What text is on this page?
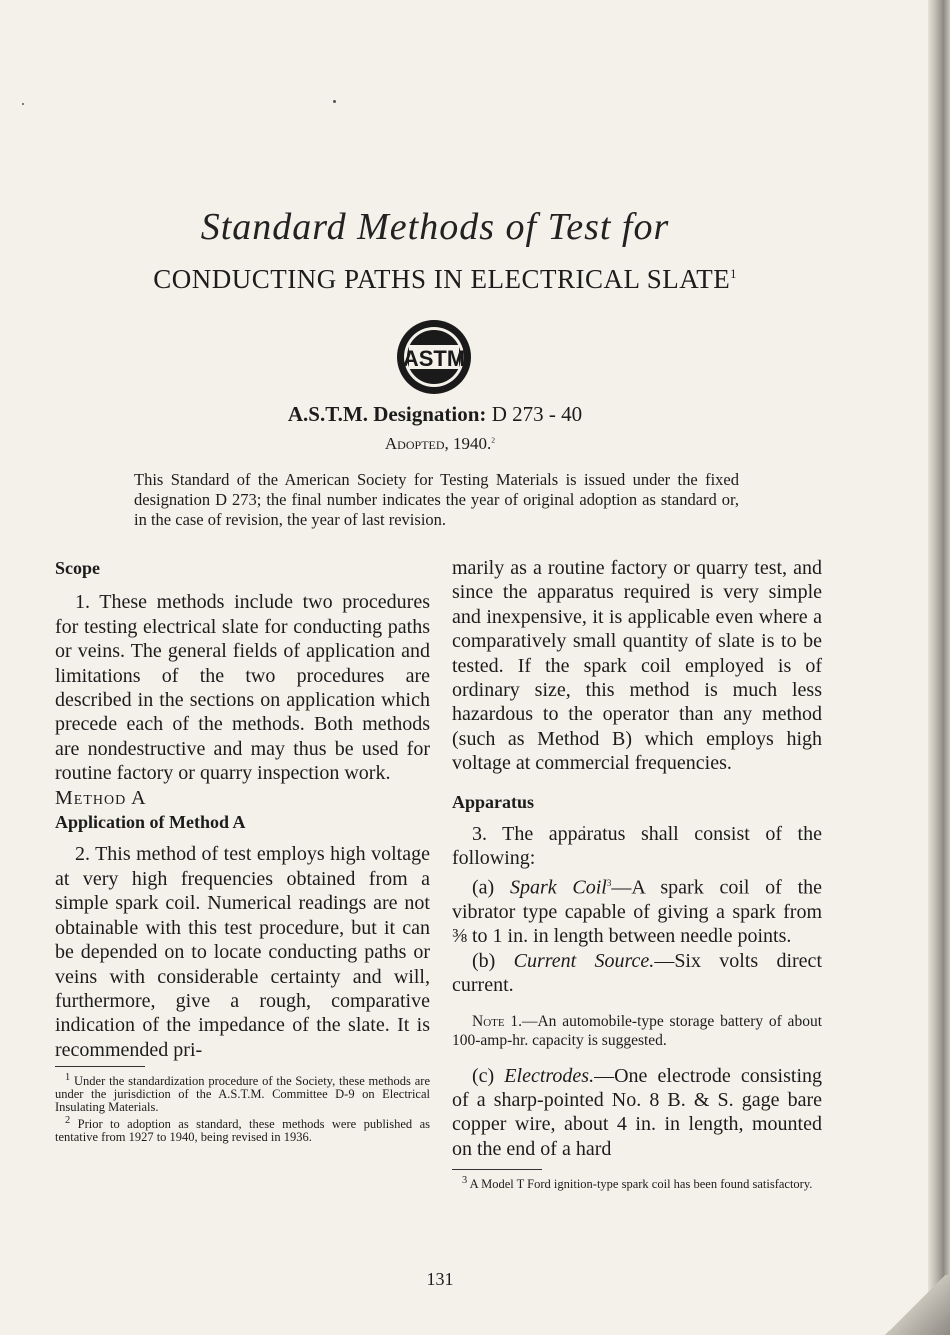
Standard Methods of Test for
CONDUCTING PATHS IN ELECTRICAL SLATE$^1$
ASTM
A.S.T.M. Designation: D 273 - 40
Adopted, 1940.$^2$
This Standard of the American Society for Testing Materials is issued under the fixed designation D 273; the final number indicates the year of original adoption as standard or, in the case of revision, the year of last revision.

Scope

1. These methods include two procedures for testing electrical slate for conducting paths or veins. The general fields of application and limitations of the two procedures are described in the sections on application which precede each of the methods. Both methods are nondestructive and may thus be used for routine factory or quarry inspection work.

Method A

Application of Method A

2. This method of test employs high voltage at very high frequencies obtained from a simple spark coil. Numerical readings are not obtainable with this test procedure, but it can be depended on to locate conducting paths or veins with considerable certainty and will, furthermore, give a rough, comparative indication of the impedance of the slate. It is recommended pri-

$^1$ Under the standardization procedure of the Society, these methods are under the jurisdiction of the A.S.T.M. Committee D-9 on Electrical Insulating Materials.

$^2$ Prior to adoption as standard, these methods were published as tentative from 1927 to 1940, being revised in 1936.

marily as a routine factory or quarry test, and since the apparatus required is very simple and inexpensive, it is applicable even where a comparatively small quantity of slate is to be tested. If the spark coil employed is of ordinary size, this method is much less hazardous to the operator than any method (such as Method B) which employs high voltage at commercial frequencies.

Apparatus

3. The apparatus shall consist of the following:

(a) Spark Coil$^3$—A spark coil of the vibrator type capable of giving a spark from ⅜ to 1 in. in length between needle points.

(b) Current Source.—Six volts direct current.

Note 1.—An automobile-type storage battery of about 100-amp-hr. capacity is suggested.

(c) Electrodes.—One electrode consisting of a sharp-pointed No. 8 B. & S. gage bare copper wire, about 4 in. in length, mounted on the end of a hard

$^3$ A Model T Ford ignition-type spark coil has been found satisfactory.

131
